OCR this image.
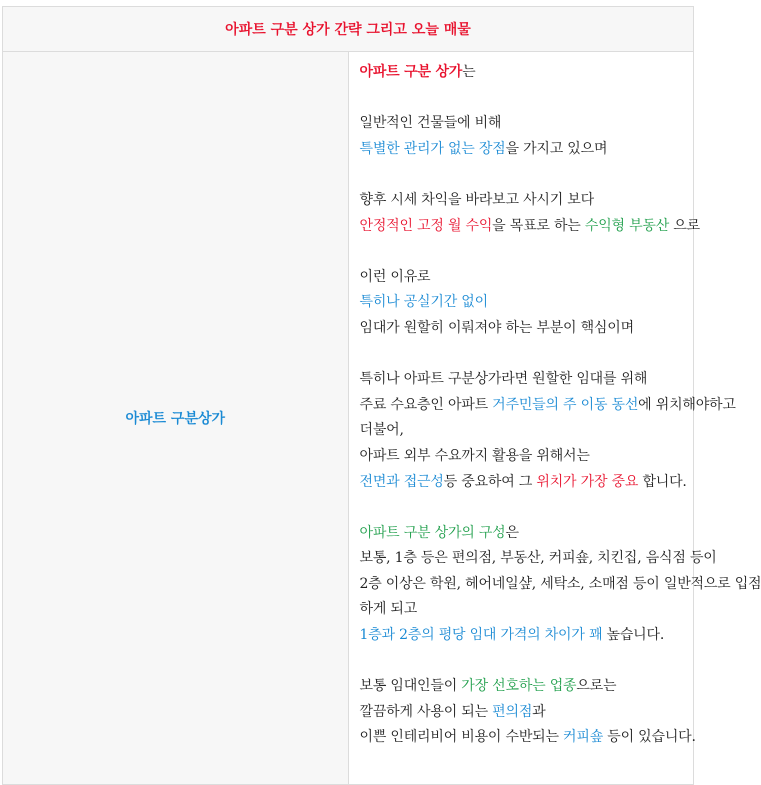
아파트 구분 상가 간략 그리고 오늘 매물
아파트 구분상가	
아파트 구분 상가는
일반적인 건물들에 비해
특별한 관리가 없는 장점을 가지고 있으며
향후 시세 차익을 바라보고 사시기 보다
안정적인 고정 월 수익을 목표로 하는 수익형 부동산 으로
이런 이유로
특히나 공실기간 없이
임대가 원할히 이뤄져야 하는 부분이 핵심이며
특히나 아파트 구분상가라면 원할한 임대를 위해
주료 수요층인 아파트 거주민들의 주 이동 동선에 위치해야하고
더불어,
아파트 외부 수요까지 활용을 위해서는
전면과 접근성등 중요하여 그 위치가 가장 중요 합니다.
아파트 구분 상가의 구성은
보통, 1층 등은 편의점, 부동산, 커피숖, 치킨집, 음식점 등이
2층 이상은 학원, 헤어네일샾, 세탁소, 소매점 등이 일반적으로 입점
하게 되고
1층과 2층의 평당 임대 가격의 차이가 꽤 높습니다.
보통 임대인들이 가장 선호하는 업종으로는
깔끔하게 사용이 되는 편의점과
이쁜 인테리비어 비용이 수반되는 커피숖 등이 있습니다.
